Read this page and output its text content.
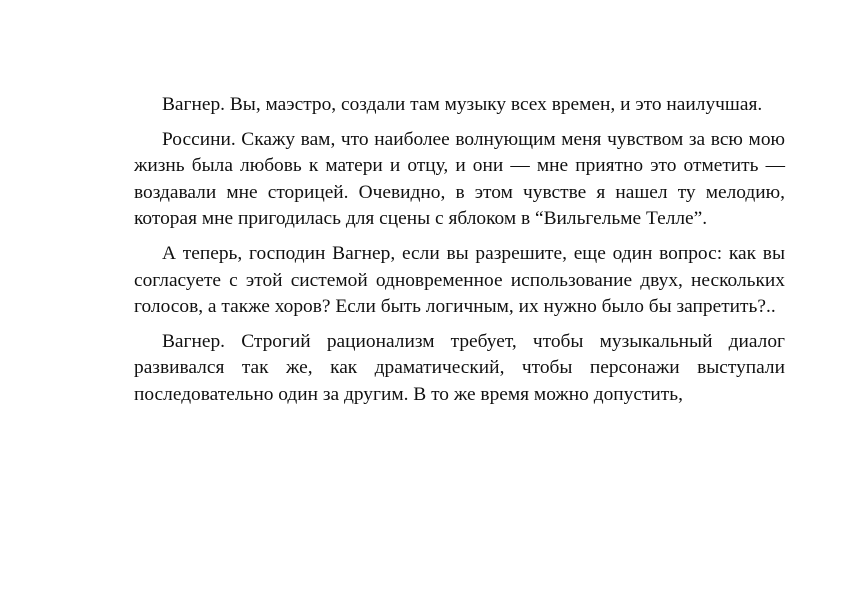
Вагнер. Вы, маэстро, создали там музыку всех времен, и это наилучшая.

Россини. Скажу вам, что наиболее волнующим меня чувством за всю мою жизнь была любовь к матери и отцу, и они — мне приятно это отметить — воздавали мне сторицей. Очевидно, в этом чувстве я нашел ту мелодию, которая мне пригодилась для сцены с яблоком в “Вильгельме Телле”.

А теперь, господин Вагнер, если вы разрешите, еще один вопрос: как вы согласуете с этой системой одновременное использование двух, нескольких голосов, а также хоров? Если быть логичным, их нужно было бы запретить?..

Вагнер. Строгий рационализм требует, чтобы музыкальный диалог развивался так же, как драматический, чтобы персонажи выступали последовательно один за другим. В то же время можно допустить,
